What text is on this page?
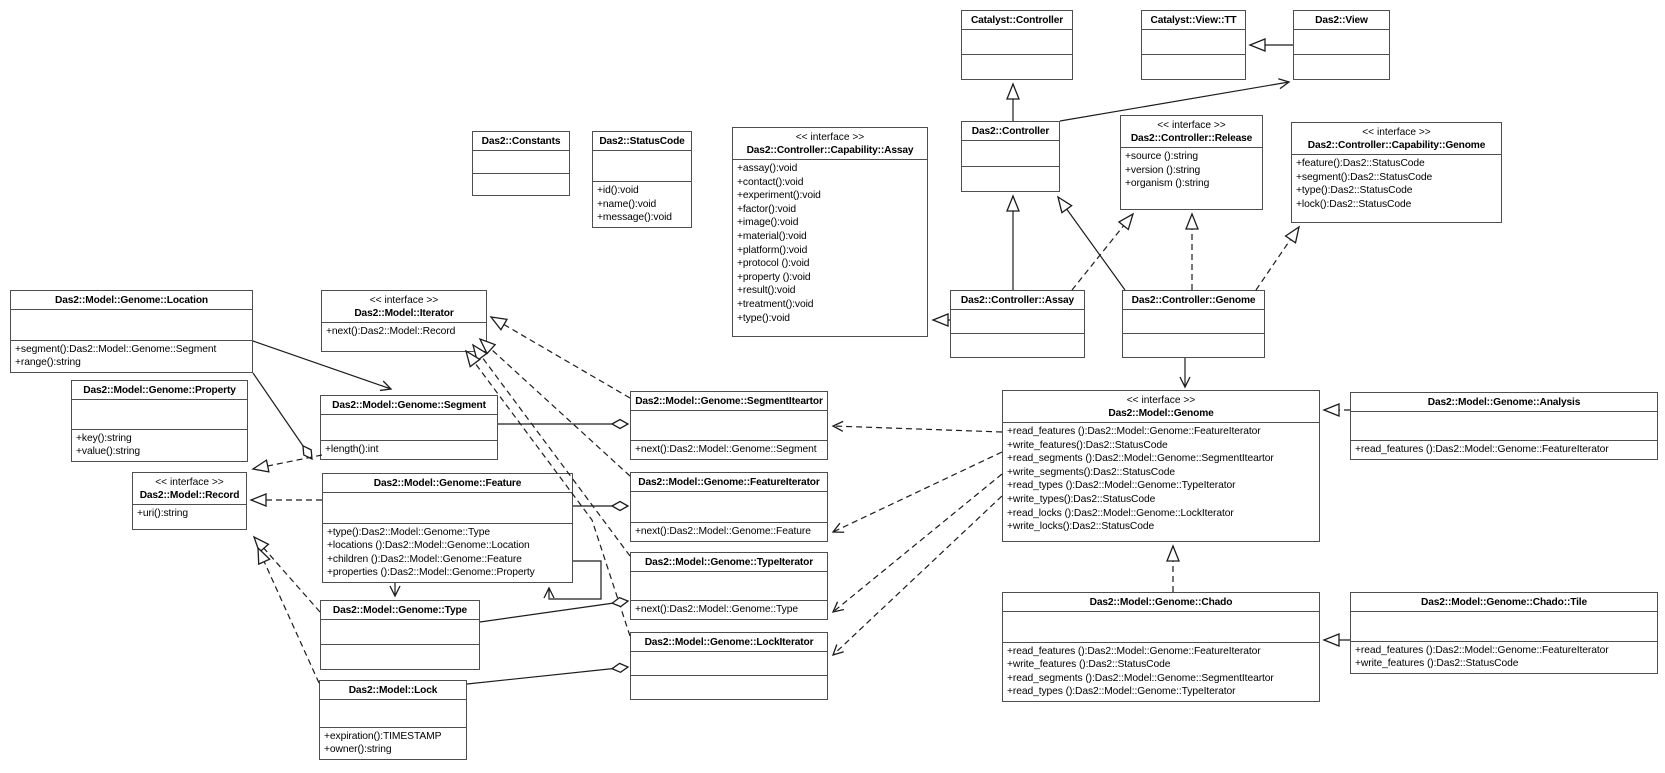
Catalyst::Controller	Catalyst::View::TT	Das2::View
Das2::Controller
Das2::Constants	Das2::StatusCode
+id():void
+name():void
+message():void
<< interface >>
Das2::Controller::Capability::Assay
+assay():void
+contact():void
+experiment():void
+factor():void
+image():void
+material():void
+platform():void
+protocol ():void
+property ():void
+result():void
+treatment():void
+type():void
<< interface >>
Das2::Controller::Release
+source ():string
+version ():string
+organism ():string
<< interface >>
Das2::Controller::Capability::Genome
+feature():Das2::StatusCode
+segment():Das2::StatusCode
+type():Das2::StatusCode
+lock():Das2::StatusCode
Das2::Controller::Assay	Das2::Controller::Genome
Das2::Model::Genome::Location
+segment():Das2::Model::Genome::Segment
+range():string
<< interface >>
Das2::Model::Iterator
+next():Das2::Model::Record
Das2::Model::Genome::Property
+key():string
+value():string
Das2::Model::Genome::Segment
+length():int
<< interface >>
Das2::Model::Record
+uri():string
Das2::Model::Genome::Feature
+type():Das2::Model::Genome::Type
+locations ():Das2::Model::Genome::Location
+children ():Das2::Model::Genome::Feature
+properties ():Das2::Model::Genome::Property
Das2::Model::Genome::Type
Das2::Model::Lock
+expiration():TIMESTAMP
+owner():string
Das2::Model::Genome::SegmentIteartor
+next():Das2::Model::Genome::Segment
Das2::Model::Genome::FeatureIterator
+next():Das2::Model::Genome::Feature
Das2::Model::Genome::TypeIterator
+next():Das2::Model::Genome::Type
Das2::Model::Genome::LockIterator
<< interface >>
Das2::Model::Genome
+read_features ():Das2::Model::Genome::FeatureIterator
+write_features():Das2::StatusCode
+read_segments ():Das2::Model::Genome::SegmentIteartor
+write_segments():Das2::StatusCode
+read_types ():Das2::Model::Genome::TypeIterator
+write_types():Das2::StatusCode
+read_locks ():Das2::Model::Genome::LockIterator
+write_locks():Das2::StatusCode
Das2::Model::Genome::Analysis
+read_features ():Das2::Model::Genome::FeatureIterator
Das2::Model::Genome::Chado
+read_features ():Das2::Model::Genome::FeatureIterator
+write_features ():Das2::StatusCode
+read_segments ():Das2::Model::Genome::SegmentIteartor
+read_types ():Das2::Model::Genome::TypeIterator
Das2::Model::Genome::Chado::Tile
+read_features ():Das2::Model::Genome::FeatureIterator
+write_features ():Das2::StatusCode
